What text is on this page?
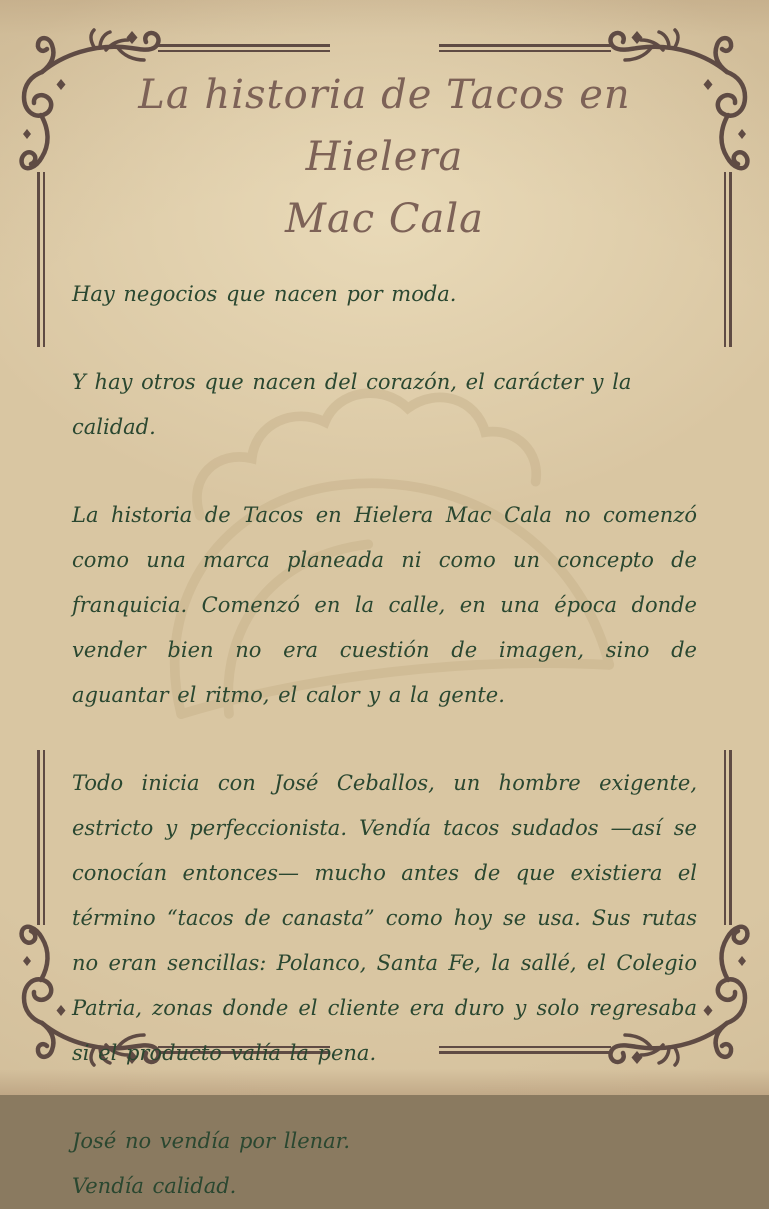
La historia de Tacos en Hielera
Mac Cala

Hay negocios que nacen por moda.

Y hay otros que nacen del corazón, el carácter y la calidad.

La historia de Tacos en Hielera Mac Cala no comenzó como una marca planeada ni como un concepto de franquicia. Comenzó en la calle, en una época donde vender bien no era cuestión de imagen, sino de aguantar el ritmo, el calor y a la gente.

Todo inicia con José Ceballos, un hombre exigente, estricto y perfeccionista. Vendía tacos sudados —así se conocían entonces— mucho antes de que existiera el término “tacos de canasta” como hoy se usa. Sus rutas no eran sencillas: Polanco, Santa Fe, la sallé, el Colegio Patria, zonas donde el cliente era duro y solo regresaba si el producto valía la pena.

José no vendía por llenar.
Vendía calidad.
